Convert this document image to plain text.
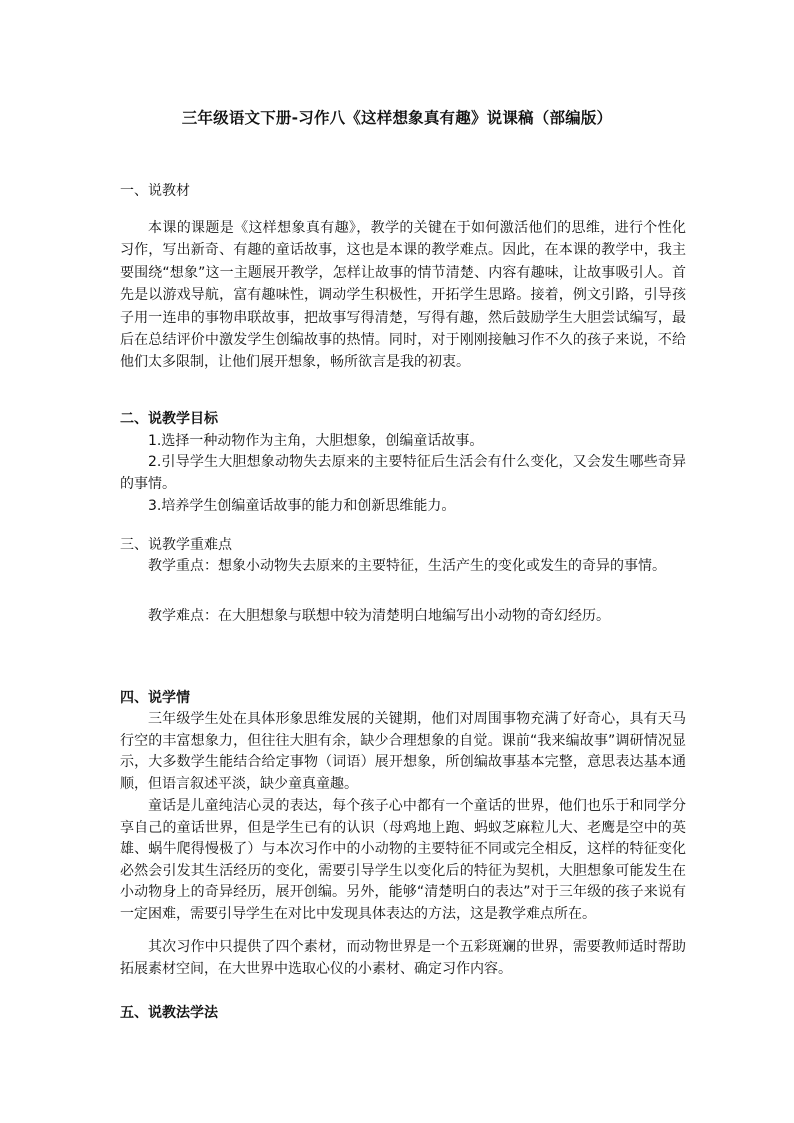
三年级语文下册-习作八《这样想象真有趣》说课稿（部编版）
一、说教材
本课的课题是《这样想象真有趣》，教学的关键在于如何激活他们的思维，进行个性化习作，写出新奇、有趣的童话故事，这也是本课的教学难点。因此，在本课的教学中，我主要围绕“想象”这一主题展开教学，怎样让故事的情节清楚、内容有趣味，让故事吸引人。首先是以游戏导航，富有趣味性，调动学生积极性，开拓学生思路。接着，例文引路，引导孩子用一连串的事物串联故事，把故事写得清楚，写得有趣，然后鼓励学生大胆尝试编写，最后在总结评价中激发学生创编故事的热情。同时，对于刚刚接触习作不久的孩子来说，不给他们太多限制，让他们展开想象，畅所欲言是我的初衷。
二、说教学目标
1.选择一种动物作为主角，大胆想象，创编童话故事。
2.引导学生大胆想象动物失去原来的主要特征后生活会有什么变化，又会发生哪些奇异的事情。
3.培养学生创编童话故事的能力和创新思维能力。
三、说教学重难点
教学重点：想象小动物失去原来的主要特征，生活产生的变化或发生的奇异的事情。
教学难点：在大胆想象与联想中较为清楚明白地编写出小动物的奇幻经历。
四、说学情
三年级学生处在具体形象思维发展的关键期，他们对周围事物充满了好奇心，具有天马行空的丰富想象力，但往往大胆有余，缺少合理想象的自觉。课前“我来编故事”调研情况显示，大多数学生能结合给定事物（词语）展开想象，所创编故事基本完整，意思表达基本通顺，但语言叙述平淡，缺少童真童趣。
童话是儿童纯洁心灵的表达，每个孩子心中都有一个童话的世界，他们也乐于和同学分享自己的童话世界，但是学生已有的认识（母鸡地上跑、蚂蚁芝麻粒儿大、老鹰是空中的英雄、蜗牛爬得慢极了）与本次习作中的小动物的主要特征不同或完全相反，这样的特征变化必然会引发其生活经历的变化，需要引导学生以变化后的特征为契机，大胆想象可能发生在小动物身上的奇异经历，展开创编。另外，能够“清楚明白的表达”对于三年级的孩子来说有一定困难，需要引导学生在对比中发现具体表达的方法，这是教学难点所在。
其次习作中只提供了四个素材，而动物世界是一个五彩斑斓的世界，需要教师适时帮助拓展素材空间，在大世界中选取心仪的小素材、确定习作内容。
五、说教法学法
